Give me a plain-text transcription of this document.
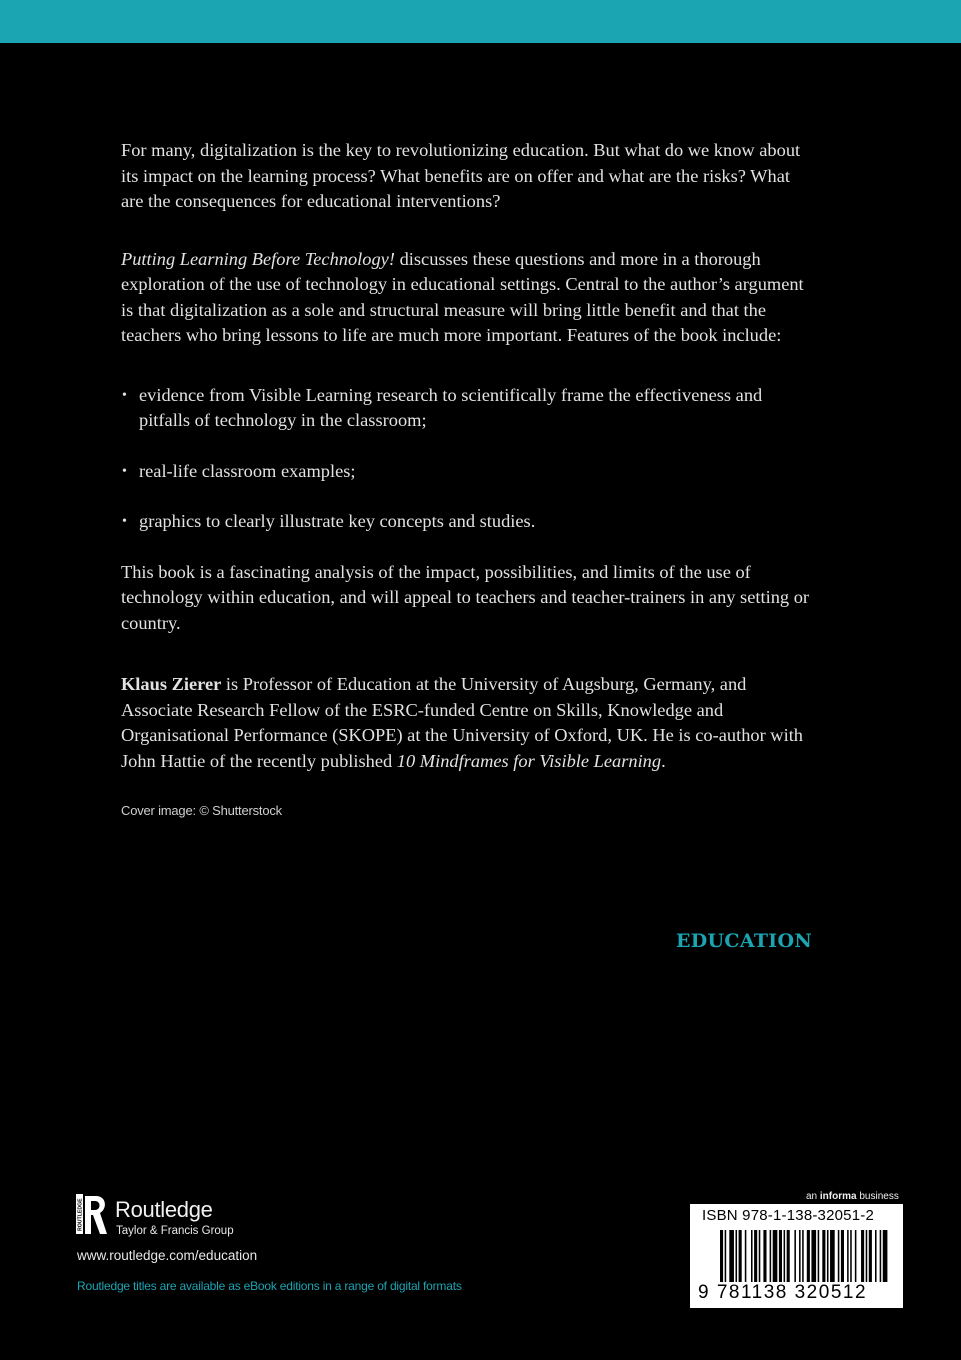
For many, digitalization is the key to revolutionizing education. But what do we know about its impact on the learning process? What benefits are on offer and what are the risks? What are the consequences for educational interventions?

Putting Learning Before Technology! discusses these questions and more in a thorough exploration of the use of technology in educational settings. Central to the author’s argument is that digitalization as a sole and structural measure will bring little benefit and that the teachers who bring lessons to life are much more important. Features of the book include:

• evidence from Visible Learning research to scientifically frame the effectiveness and pitfalls of technology in the classroom;
• real-life classroom examples;
• graphics to clearly illustrate key concepts and studies.

This book is a fascinating analysis of the impact, possibilities, and limits of the use of technology within education, and will appeal to teachers and teacher-trainers in any setting or country.

Klaus Zierer is Professor of Education at the University of Augsburg, Germany, and Associate Research Fellow of the ESRC-funded Centre on Skills, Knowledge and Organisational Performance (SKOPE) at the University of Oxford, UK. He is co-author with John Hattie of the recently published 10 Mindframes for Visible Learning.

Cover image: © Shutterstock

EDUCATION
ROUTLEDGE Routledge
Taylor & Francis Group
www.routledge.com/education
Routledge titles are available as eBook editions in a range of digital formats
an informa business
ISBN 978-1-138-32051-2
9 781138 320512
